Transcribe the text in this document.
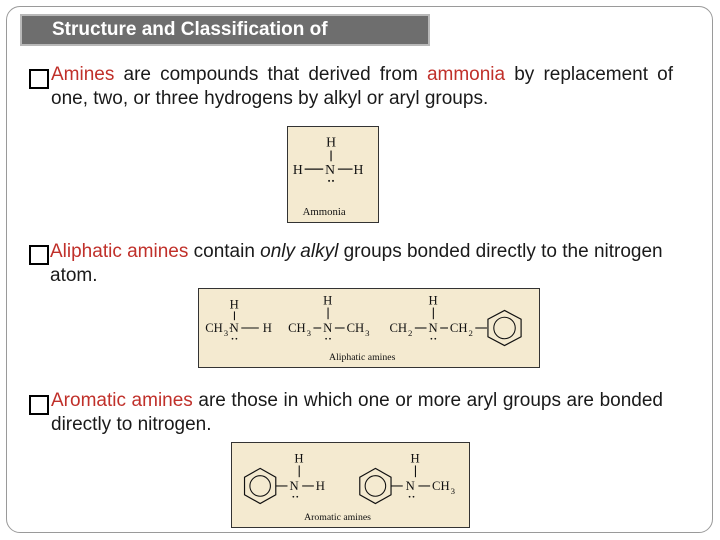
Structure and Classification of
Amines are compounds that derived from ammonia by replacement of one, two, or three hydrogens by alkyl or aryl groups.
H
H N H
Ammonia
Aliphatic amines contain only alkyl groups bonded directly to the nitrogen atom.
H
CH 3 N H
H
CH 3 N CH 3
H
CH 2 N CH 2
Aliphatic amines
Aromatic amines are those in which one or more aryl groups are bonded directly to nitrogen.
H
N H
H
N CH 3
Aromatic amines
